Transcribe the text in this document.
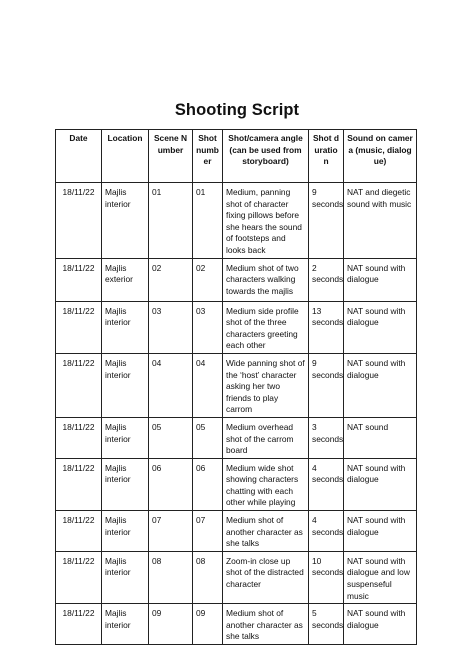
Shooting Script
Date	Location	Scene Number	Shot number	Shot/camera angle (can be used from storyboard)	Shot duration	Sound on camera (music, dialogue)
18/11/22	Majlis interior	01	01	Medium, panning shot of character fixing pillows before she hears the sound of footsteps and looks back	9 seconds	NAT and diegetic sound with music
18/11/22	Majlis exterior	02	02	Medium shot of two characters walking towards the majlis	2 seconds	NAT sound with dialogue
18/11/22	Majlis interior	03	03	Medium side profile shot of the three characters greeting each other	13 seconds	NAT sound with dialogue
18/11/22	Majlis interior	04	04	Wide panning shot of the ‘host’ character asking her two friends to play carrom	9 seconds	NAT sound with dialogue
18/11/22	Majlis interior	05	05	Medium overhead shot of the carrom board	3 seconds	NAT sound
18/11/22	Majlis interior	06	06	Medium wide shot showing characters chatting with each other while playing	4 seconds	NAT sound with dialogue
18/11/22	Majlis interior	07	07	Medium shot of another character as she talks	4 seconds	NAT sound with dialogue
18/11/22	Majlis interior	08	08	Zoom-in close up shot of the distracted character	10 seconds	NAT sound with dialogue and low suspenseful music
18/11/22	Majlis interior	09	09	Medium shot of another character as she talks	5 seconds	NAT sound with dialogue
